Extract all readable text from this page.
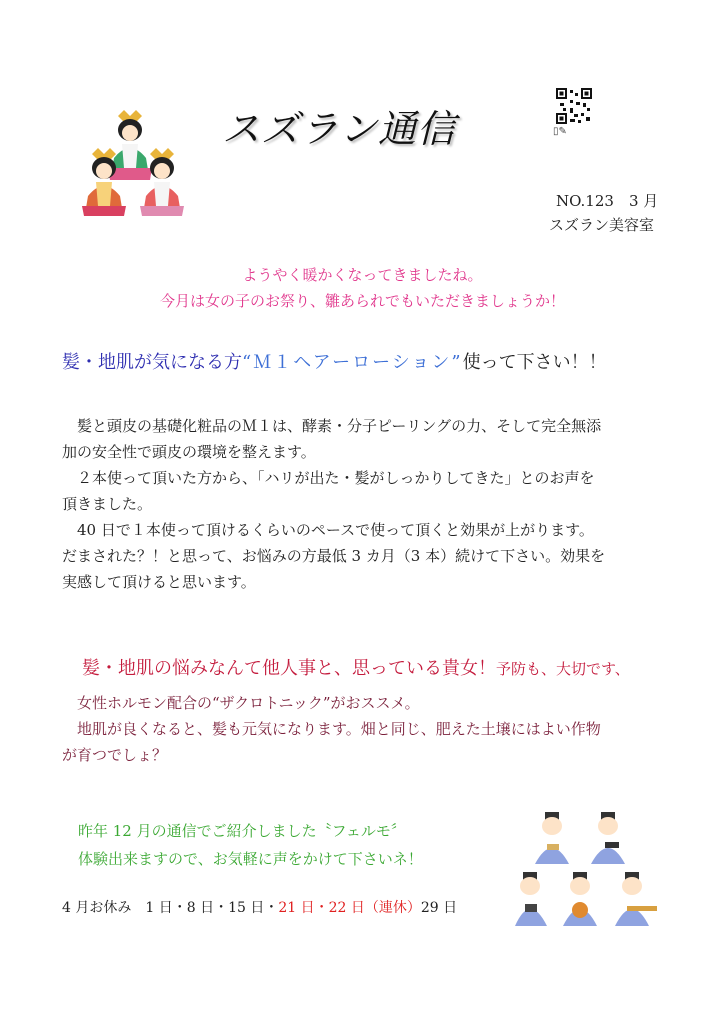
スズラン通信	▯✎
NO.123　3 月
スズラン美容室
ようやく暖かくなってきましたね。
今月は女の子のお祭り、雛あられでもいただきましょうか！
髪・地肌が気になる方“Ｍ１ヘアーローション”使って下さい！！
髪と頭皮の基礎化粧品のＭ１は、酵素・分子ピーリングの力、そして完全無添
加の安全性で頭皮の環境を整えます。
２本使って頂いた方から、「ハリが出た・髪がしっかりしてきた」とのお声を
頂きました。
40 日で１本使って頂けるくらいのペースで使って頂くと効果が上がります。
だまされた？！と思って、お悩みの方最低 3 カ月（3 本）続けて下さい。効果を
実感して頂けると思います。
髪・地肌の悩みなんて他人事と、思っている貴女！予防も、大切です、
女性ホルモン配合の“ザクロトニック”がおススメ。
地肌が良くなると、髪も元気になります。畑と同じ、肥えた土壌にはよい作物
が育つでしょ？
昨年 12 月の通信でご紹介しました〝フェルモ〞
体験出来ますので、お気軽に声をかけて下さいネ！
4 月お休み　1 日・8 日・15 日・21 日・22 日（連休）29 日
